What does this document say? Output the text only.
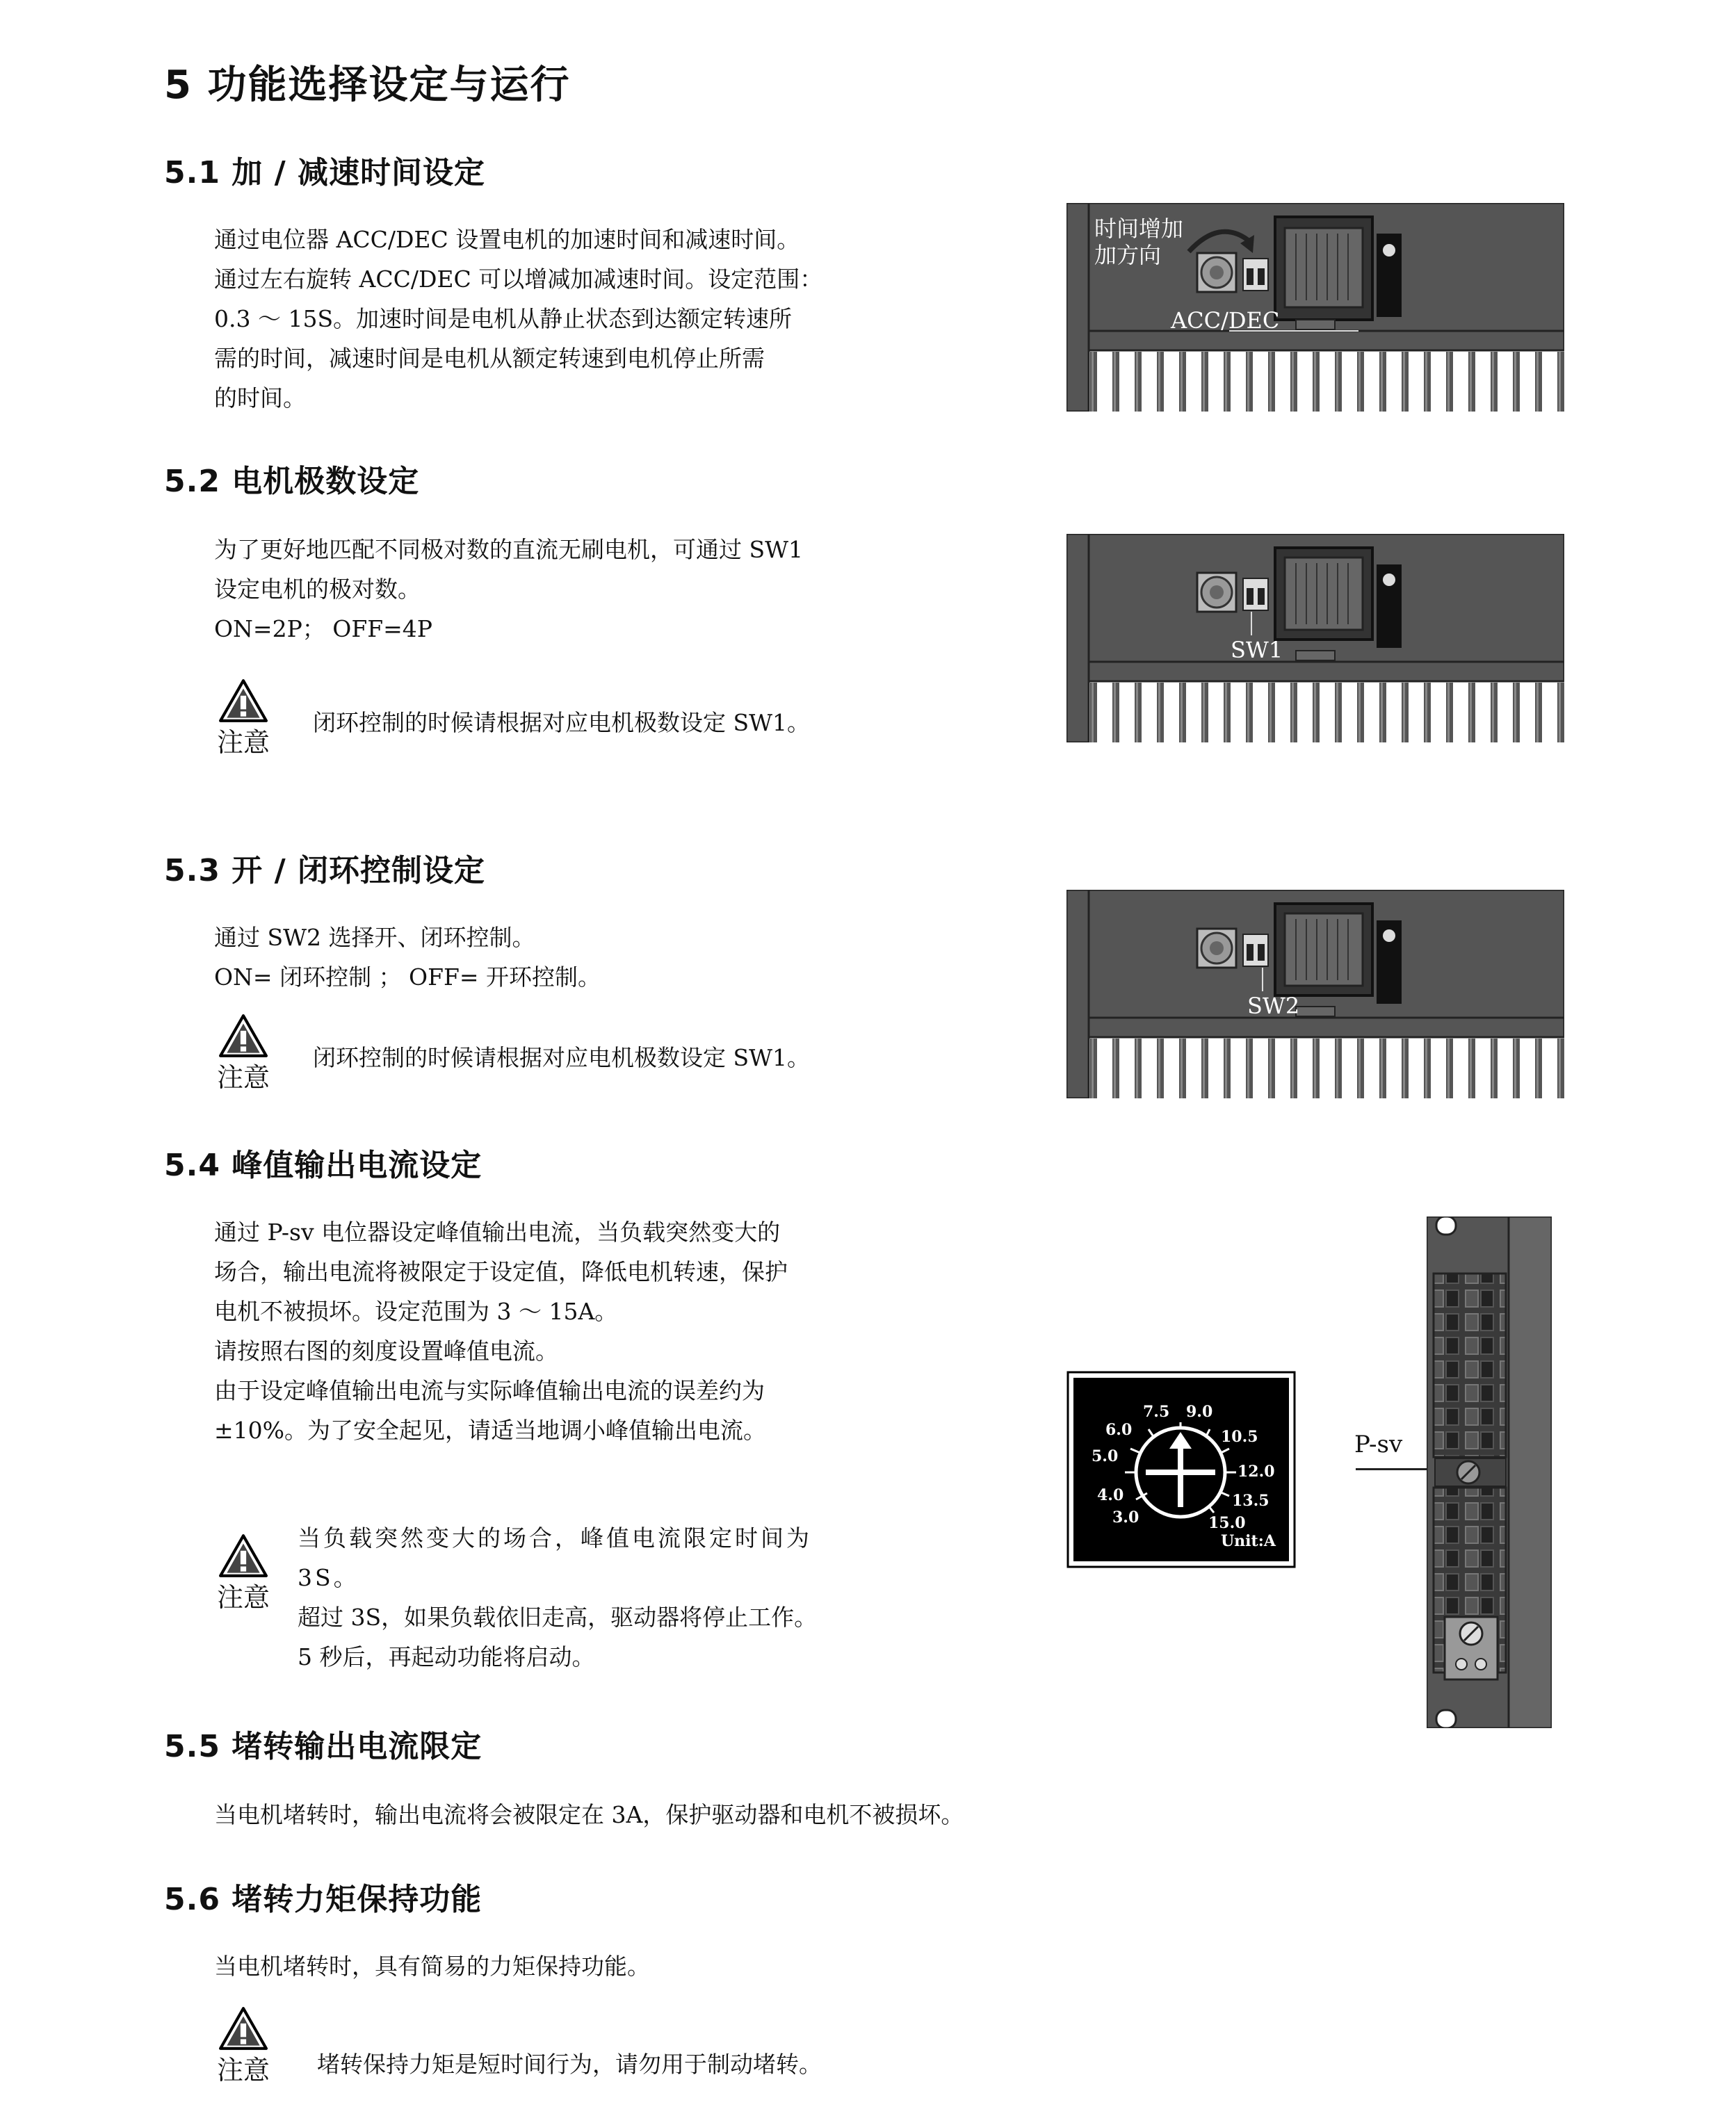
5 功能选择设定与运行
5.1 加 / 减速时间设定
通过电位器 ACC/DEC 设置电机的加速时间和减速时间。
通过左右旋转 ACC/DEC 可以增减加减速时间。设定范围：
0.3 ～ 15S。加速时间是电机从静止状态到达额定转速所
需的时间，减速时间是电机从额定转速到电机停止所需
的时间。
时间增加
加方向
ACC/DEC
5.2 电机极数设定
为了更好地匹配不同极对数的直流无刷电机，可通过 SW1
设定电机的极对数。
ON=2P； OFF=4P
注意
闭环控制的时候请根据对应电机极数设定 SW1。
SW1
5.3 开 / 闭环控制设定
通过 SW2 选择开、闭环控制。
ON= 闭环控制 ； OFF= 开环控制。
注意
闭环控制的时候请根据对应电机极数设定 SW1。
SW2
5.4 峰值输出电流设定
通过 P-sv 电位器设定峰值输出电流，当负载突然变大的
场合，输出电流将被限定于设定值，降低电机转速，保护
电机不被损坏。设定范围为 3 ～ 15A。
请按照右图的刻度设置峰值电流。
由于设定峰值输出电流与实际峰值输出电流的误差约为
±10%。为了安全起见，请适当地调小峰值输出电流。
注意
当负载突然变大的场合，峰值电流限定时间为
3S。
超过 3S，如果负载依旧走高，驱动器将停止工作。
5 秒后，再起动功能将启动。
3.0
4.0
5.0
6.0
7.5 9.0
10.5
12.0
13.5
15.0
Unit:A
P-sv
5.5 堵转输出电流限定
当电机堵转时，输出电流将会被限定在 3A，保护驱动器和电机不被损坏。
5.6 堵转力矩保持功能
当电机堵转时，具有简易的力矩保持功能。
注意 堵转保持力矩是短时间行为，请勿用于制动堵转。
